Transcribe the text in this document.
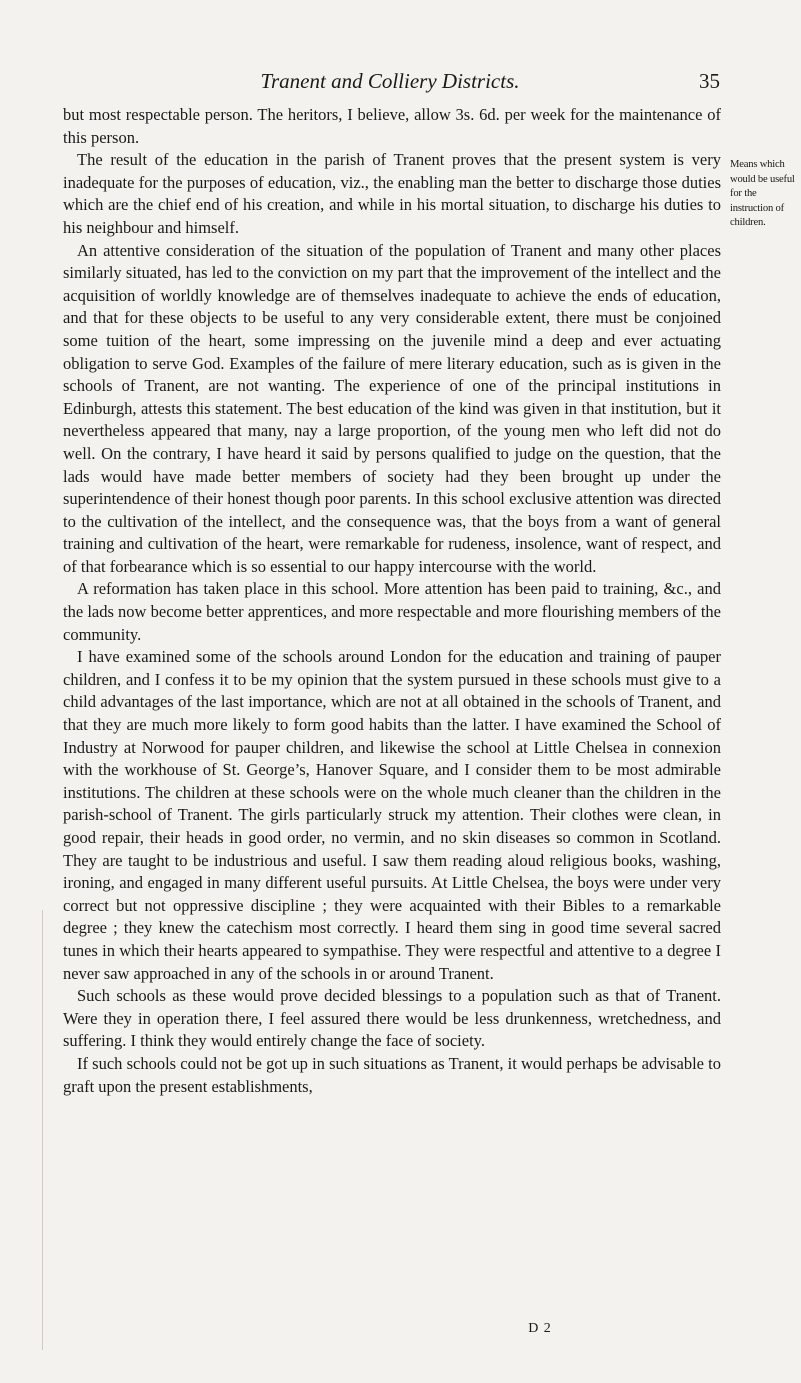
Tranent and Colliery Districts.	35

but most respectable person. The heritors, I believe, allow 3s. 6d. per week for the maintenance of this person.

The result of the education in the parish of Tranent proves that the present system is very inadequate for the purposes of education, viz., the enabling man the better to discharge those duties which are the chief end of his creation, and while in his mortal situation, to discharge his duties to his neighbour and himself.

An attentive consideration of the situation of the population of Tranent and many other places similarly situated, has led to the conviction on my part that the improvement of the intellect and the acquisition of worldly knowledge are of themselves inadequate to achieve the ends of education, and that for these objects to be useful to any very considerable extent, there must be conjoined some tuition of the heart, some impressing on the juvenile mind a deep and ever actuating obligation to serve God. Examples of the failure of mere literary education, such as is given in the schools of Tranent, are not wanting. The experience of one of the principal institutions in Edinburgh, attests this statement. The best education of the kind was given in that institution, but it nevertheless appeared that many, nay a large proportion, of the young men who left did not do well. On the contrary, I have heard it said by persons qualified to judge on the question, that the lads would have made better members of society had they been brought up under the superintendence of their honest though poor parents. In this school exclusive attention was directed to the cultivation of the intellect, and the consequence was, that the boys from a want of general training and cultivation of the heart, were remarkable for rudeness, insolence, want of respect, and of that forbearance which is so essential to our happy intercourse with the world.

A reformation has taken place in this school. More attention has been paid to training, &c., and the lads now become better apprentices, and more respectable and more flourishing members of the community.

I have examined some of the schools around London for the education and training of pauper children, and I confess it to be my opinion that the system pursued in these schools must give to a child advantages of the last importance, which are not at all obtained in the schools of Tranent, and that they are much more likely to form good habits than the latter. I have examined the School of Industry at Norwood for pauper children, and likewise the school at Little Chelsea in connexion with the workhouse of St. George’s, Hanover Square, and I consider them to be most admirable institutions. The children at these schools were on the whole much cleaner than the children in the parish-school of Tranent. The girls particularly struck my attention. Their clothes were clean, in good repair, their heads in good order, no vermin, and no skin diseases so common in Scotland. They are taught to be industrious and useful. I saw them reading aloud religious books, washing, ironing, and engaged in many different useful pursuits. At Little Chelsea, the boys were under very correct but not oppressive discipline ; they were acquainted with their Bibles to a remarkable degree ; they knew the catechism most correctly. I heard them sing in good time several sacred tunes in which their hearts appeared to sympathise. They were respectful and attentive to a degree I never saw approached in any of the schools in or around Tranent.

Such schools as these would prove decided blessings to a population such as that of Tranent. Were they in operation there, I feel assured there would be less drunkenness, wretchedness, and suffering. I think they would entirely change the face of society.

If such schools could not be got up in such situations as Tranent, it would perhaps be advisable to graft upon the present establishments,

Means which would be useful for the instruction of children.
D 2
